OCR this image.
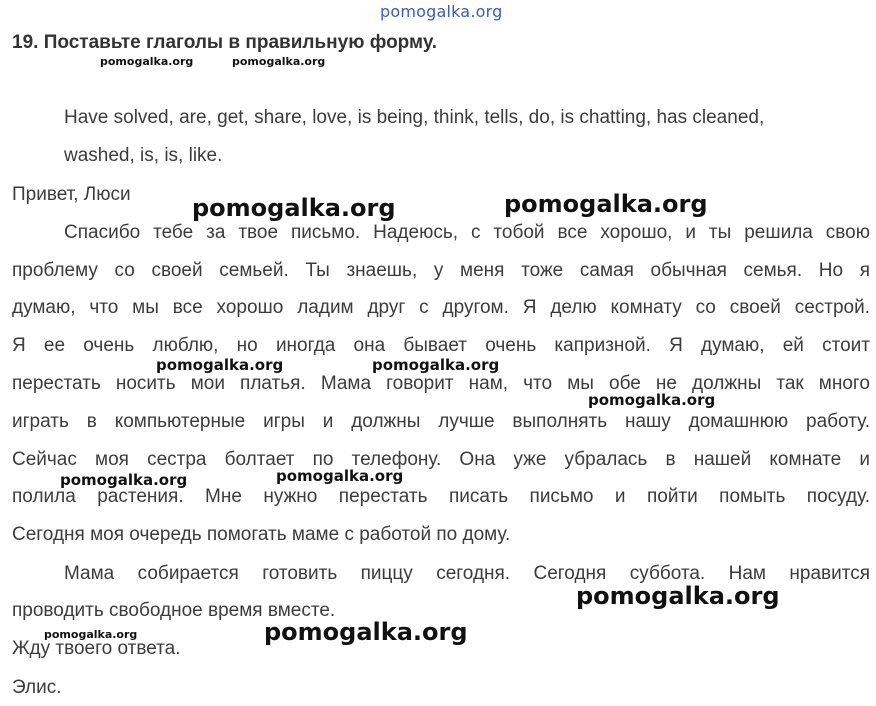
pomogalka.org
19. Поставьте глаголы в правильную форму.
pomogalka.org	pomogalka.org
Have solved, are, get, share, love, is being, think, tells, do, is chatting, has cleaned,
washed, is, is, like.
Привет, Люси
Спасибо тебе за твое письмо. Надеюсь, с тобой все хорошо, и ты решила свою
проблему со своей семьей. Ты знаешь, у меня тоже самая обычная семья. Но я
думаю, что мы все хорошо ладим друг с другом. Я делю комнату со своей сестрой.
Я ее очень люблю, но иногда она бывает очень капризной. Я думаю, ей стоит
перестать носить мои платья. Мама говорит нам, что мы обе не должны так много
играть в компьютерные игры и должны лучше выполнять нашу домашнюю работу.
Сейчас моя сестра болтает по телефону. Она уже убралась в нашей комнате и
полила растения. Мне нужно перестать писать письмо и пойти помыть посуду.
Сегодня моя очередь помогать маме с работой по дому.
Мама собирается готовить пиццу сегодня. Сегодня суббота. Нам нравится
проводить свободное время вместе.
Жду твоего ответа.
Элис.
pomogalka.org	pomogalka.org
pomogalka.org	pomogalka.org
pomogalka.org
pomogalka.org	pomogalka.org
pomogalka.org
pomogalka.org	pomogalka.org
